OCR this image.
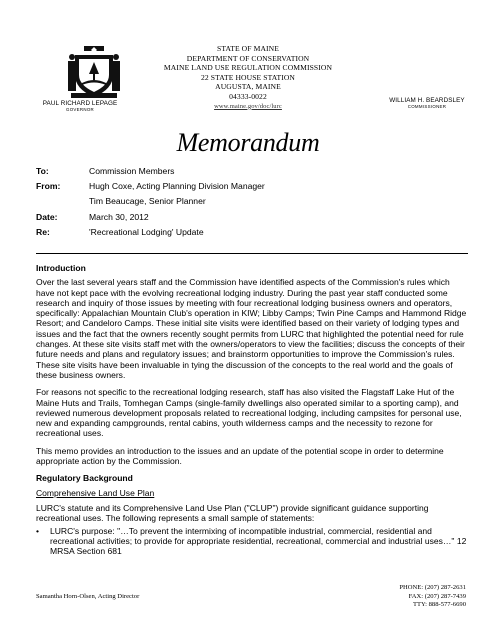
STATE OF MAINE
DEPARTMENT OF CONSERVATION
MAINE LAND USE REGULATION COMMISSION
22 STATE HOUSE STATION
AUGUSTA, MAINE
04333-0022
www.maine.gov/doc/lurc
PAUL RICHARD LEPAGE
GOVERNOR
WILLIAM H. BEARDSLEY
COMMISSIONER
Memorandum
To:	Commission Members
From:	Hugh Coxe, Acting Planning Division Manager
Tim Beaucage, Senior Planner
Date:	March 30, 2012
Re:	'Recreational Lodging' Update

Introduction

Over the last several years staff and the Commission have identified aspects of the Commission's rules which have not kept pace with the evolving recreational lodging industry. During the past year staff conducted some research and inquiry of those issues by meeting with four recreational lodging business owners and operators, specifically: Appalachian Mountain Club's operation in KIW; Libby Camps; Twin Pine Camps and Hammond Ridge Resort; and Candeloro Camps. These initial site visits were identified based on their variety of lodging types and issues and the fact that the owners recently sought permits from LURC that highlighted the potential need for rule changes. At these site visits staff met with the owners/operators to view the facilities; discuss the concepts of their future needs and plans and regulatory issues; and brainstorm opportunities to improve the Commission's rules. These site visits have been invaluable in tying the discussion of the concepts to the real world and the goals of these business owners.

For reasons not specific to the recreational lodging research, staff has also visited the Flagstaff Lake Hut of the Maine Huts and Trails, Tomhegan Camps (single-family dwellings also operated similar to a sporting camp), and reviewed numerous development proposals related to recreational lodging, including campsites for personal use, new and expanding campgrounds, rental cabins, youth wilderness camps and the necessity to rezone for recreational uses.

This memo provides an introduction to the issues and an update of the potential scope in order to determine appropriate action by the Commission.

Regulatory Background

Comprehensive Land Use Plan

LURC's statute and its Comprehensive Land Use Plan ("CLUP") provide significant guidance supporting recreational uses. The following represents a small sample of statements:

• LURC's purpose: "…To prevent the intermixing of incompatible industrial, commercial, residential and recreational activities; to provide for appropriate residential, recreational, commercial and industrial uses…" 12 MRSA Section 681
Samantha Horn-Olsen, Acting Director
PHONE: (207) 287-2631
FAX: (207) 287-7439
TTY: 888-577-6690
